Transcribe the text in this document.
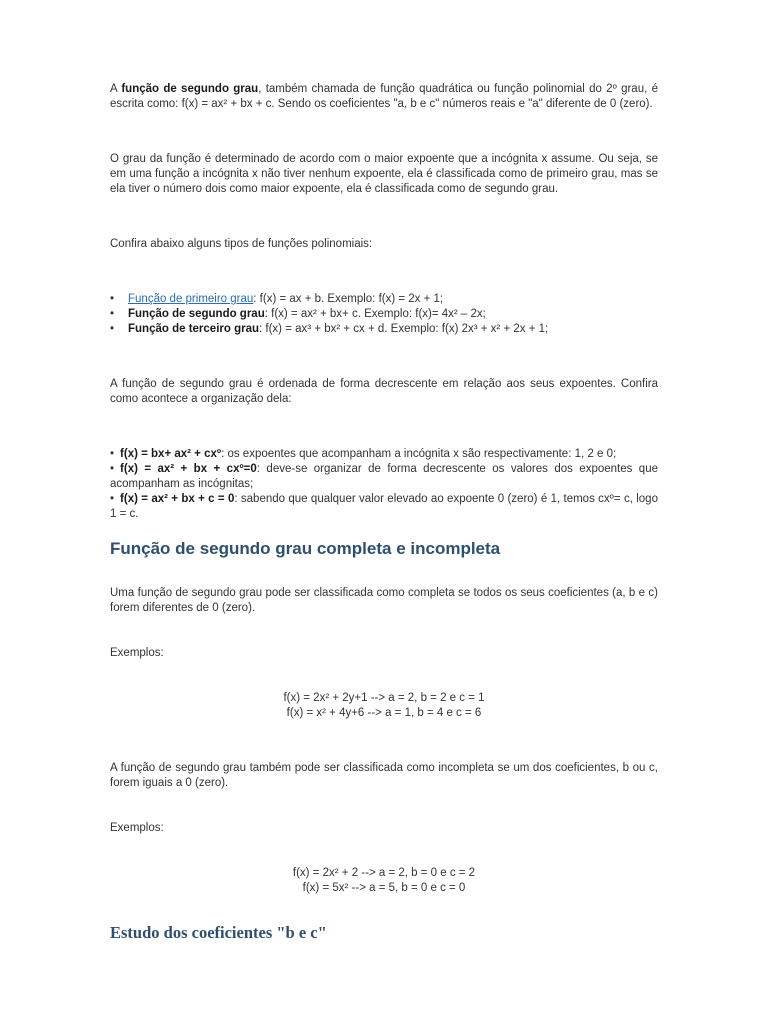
A função de segundo grau, também chamada de função quadrática ou função polinomial do 2º grau, é escrita como: f(x) = ax² + bx + c. Sendo os coeficientes "a, b e c" números reais e "a" diferente de 0 (zero).

O grau da função é determinado de acordo com o maior expoente que a incógnita x assume. Ou seja, se em uma função a incógnita x não tiver nenhum expoente, ela é classificada como de primeiro grau, mas se ela tiver o número dois como maior expoente, ela é classificada como de segundo grau.

Confira abaixo alguns tipos de funções polinomiais:

• Função de primeiro grau: f(x) = ax + b. Exemplo: f(x) = 2x + 1;
• Função de segundo grau: f(x) = ax² + bx+ c. Exemplo: f(x)= 4x² – 2x;
• Função de terceiro grau: f(x) = ax³ + bx² + cx + d. Exemplo: f(x) 2x³ + x² + 2x + 1;

A função de segundo grau é ordenada de forma decrescente em relação aos seus expoentes. Confira como acontece a organização dela:

• f(x) = bx+ ax² + cxº: os expoentes que acompanham a incógnita x são respectivamente: 1, 2 e 0;
• f(x) = ax² + bx + cxº=0: deve-se organizar de forma decrescente os valores dos expoentes que acompanham as incógnitas;
• f(x) = ax² + bx + c = 0: sabendo que qualquer valor elevado ao expoente 0 (zero) é 1, temos cxº= c, logo 1 = c.
Função de segundo grau completa e incompleta

Uma função de segundo grau pode ser classificada como completa se todos os seus coeficientes (a, b e c) forem diferentes de 0 (zero).

Exemplos:

f(x) = 2x² + 2y+1 --> a = 2, b = 2 e c = 1

f(x) = x² + 4y+6 --> a = 1, b = 4 e c = 6

A função de segundo grau também pode ser classificada como incompleta se um dos coeficientes, b ou c, forem iguais a 0 (zero).

Exemplos:

f(x) = 2x² + 2 --> a = 2, b = 0 e c = 2

f(x) = 5x² --> a = 5, b = 0 e c = 0

Estudo dos coeficientes "b e c"
